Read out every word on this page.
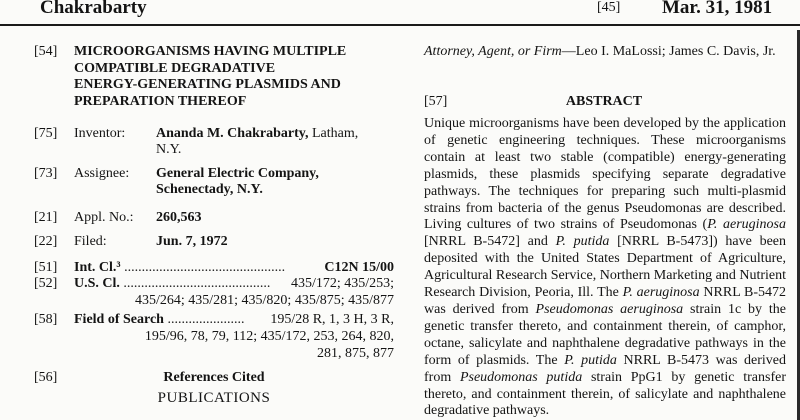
Chakrabarty	[45] Mar. 31, 1981
[54] MICROORGANISMS HAVING MULTIPLE
COMPATIBLE DEGRADATIVE
ENERGY-GENERATING PLASMIDS AND
PREPARATION THEREOF
[75] Inventor: Ananda M. Chakrabarty, Latham,
N.Y.
[73] Assignee: General Electric Company,
Schenectady, N.Y.
[21] Appl. No.: 260,563
[22] Filed:	Jun. 7, 1972
[51] Int. Cl.³ ..............................................	C12N 15/00
[52] U.S. Cl. ..........................................	435/172; 435/253;
435/264; 435/281; 435/820; 435/875; 435/877
[58] Field of Search ......................	195/28 R, 1, 3 H, 3 R,
195/96, 78, 79, 112; 435/172, 253, 264, 820,
281, 875, 877
[56]	References Cited
PUBLICATIONS
Attorney, Agent, or Firm—Leo I. MaLossi; James C. Davis, Jr.
[57]	ABSTRACT
Unique microorganisms have been developed by the application of genetic engineering techniques. These microorganisms contain at least two stable (compatible) energy-generating plasmids, these plasmids specifying separate degradative pathways. The techniques for preparing such multi-plasmid strains from bacteria of the genus Pseudomonas are described. Living cultures of two strains of Pseudomonas (P. aeruginosa [NRRL B-5472] and P. putida [NRRL B-5473]) have been deposited with the United States Department of Agriculture, Agricultural Research Service, Northern Marketing and Nutrient Research Division, Peoria, Ill. The P. aeruginosa NRRL B-5472 was derived from Pseudomonas aeruginosa strain 1c by the genetic transfer thereto, and containment therein, of camphor, octane, salicylate and naphthalene degradative pathways in the form of plasmids. The P. putida NRRL B-5473 was derived from Pseudomonas putida strain PpG1 by genetic transfer thereto, and containment therein, of salicylate and naphthalene degradative pathways.
